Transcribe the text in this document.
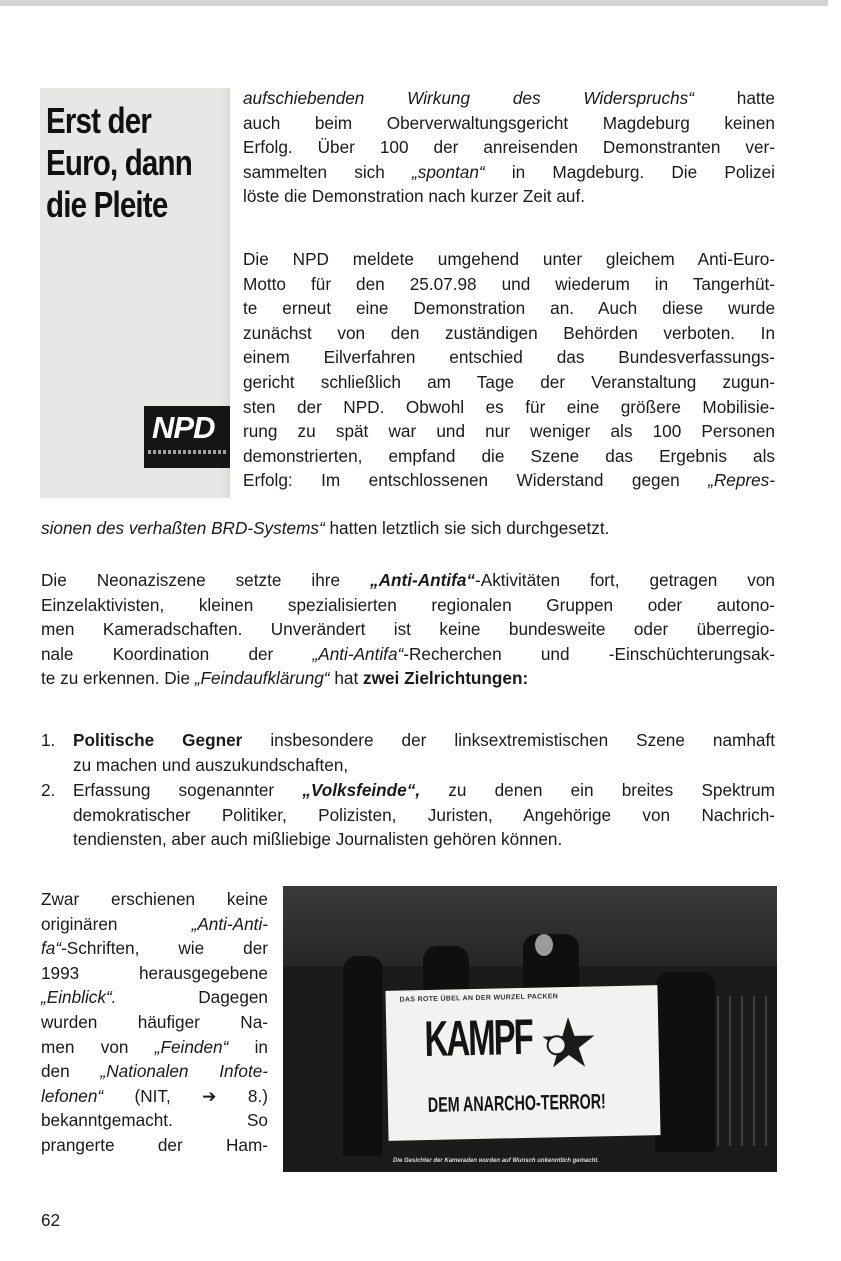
Erst der
Euro, dann
die Pleite
NPD
aufschiebenden Wirkung des Widerspruchs“ hatte
auch beim Oberverwaltungsgericht Magdeburg keinen
Erfolg. Über 100 der anreisenden Demonstranten ver-
sammelten sich „spontan“ in Magdeburg. Die Polizei
löste die Demonstration nach kurzer Zeit auf.
Die NPD meldete umgehend unter gleichem Anti-Euro-
Motto für den 25.07.98 und wiederum in Tangerhüt-
te erneut eine Demonstration an. Auch diese wurde
zunächst von den zuständigen Behörden verboten. In
einem Eilverfahren entschied das Bundesverfassungs-
gericht schließlich am Tage der Veranstaltung zugun-
sten der NPD. Obwohl es für eine größere Mobilisie-
rung zu spät war und nur weniger als 100 Personen
demonstrierten, empfand die Szene das Ergebnis als
Erfolg: Im entschlossenen Widerstand gegen „Repres-
sionen des verhaßten BRD-Systems“ hatten letztlich sie sich durchgesetzt.
Die Neonaziszene setzte ihre „Anti-Antifa“-Aktivitäten fort, getragen von
Einzelaktivisten, kleinen spezialisierten regionalen Gruppen oder autono-
men Kameradschaften. Unverändert ist keine bundesweite oder überregio-
nale Koordination der „Anti-Antifa“-Recherchen und -Einschüchterungsak-
te zu erkennen. Die „Feindaufklärung“ hat zwei Zielrichtungen:
1.	Politische Gegner insbesondere der linksextremistischen Szene namhaft
zu machen und auszukundschaften,
2.	Erfassung sogenannter „Volksfeinde“, zu denen ein breites Spektrum
demokratischer Politiker, Polizisten, Juristen, Angehörige von Nachrich-
tendiensten, aber auch mißliebige Journalisten gehören können.
Zwar erschienen keine
originären „Anti-Anti-
fa“-Schriften, wie der
1993 herausgegebene
„Einblick“. Dagegen
wurden häufiger Na-
men von „Feinden“ in
den „Nationalen Infote-
lefonen“ (NIT, ➔ 8.)
bekanntgemacht. So
prangerte der Ham-
DAS ROTE ÜBEL AN DER WURZEL PACKEN
KAMPF
DEM ANARCHO-TERROR!
Die Gesichter der Kameraden wurden auf Wunsch unkenntlich gemacht.
62
